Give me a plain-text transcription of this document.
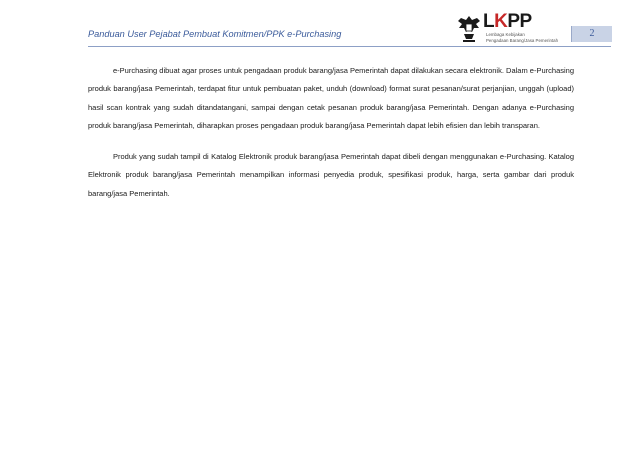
Panduan User Pejabat Pembuat Komitmen/PPK e-Purchasing
LKPP
Lembaga Kebijakan
Pengadaan Barang/Jasa Pemerintah
2

e-Purchasing dibuat agar proses untuk pengadaan produk barang/jasa Pemerintah dapat dilakukan secara elektronik. Dalam e-Purchasing produk barang/jasa Pemerintah, terdapat fitur untuk pembuatan paket, unduh (download) format surat pesanan/surat perjanjian, unggah (upload) hasil scan kontrak yang sudah ditandatangani, sampai dengan cetak pesanan produk barang/jasa Pemerintah. Dengan adanya e-Purchasing produk barang/jasa Pemerintah, diharapkan proses pengadaan produk barang/jasa Pemerintah dapat lebih efisien dan lebih transparan.

Produk yang sudah tampil di Katalog Elektronik produk barang/jasa Pemerintah dapat dibeli dengan menggunakan e-Purchasing. Katalog Elektronik produk barang/jasa Pemerintah menampilkan informasi penyedia produk, spesifikasi produk, harga, serta gambar dari produk barang/jasa Pemerintah.
